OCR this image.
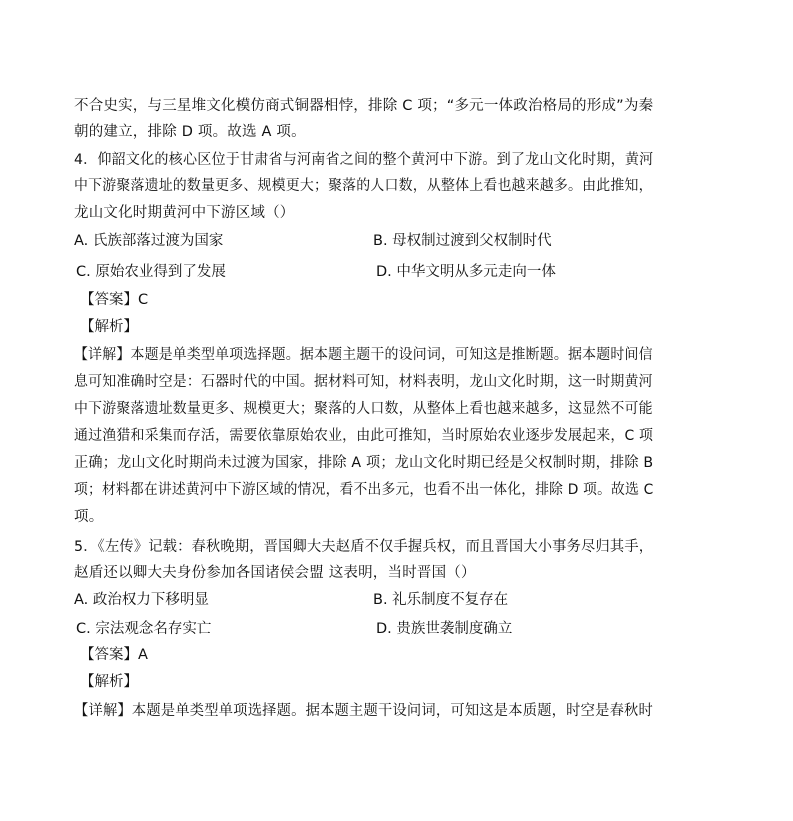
不合史实，与三星堆文化模仿商式铜器相悖，排除 C 项；“多元一体政治格局的形成”为秦
朝的建立，排除 D 项。故选 A 项。
4．仰韶文化的核心区位于甘肃省与河南省之间的整个黄河中下游。到了龙山文化时期，黄河
中下游聚落遗址的数量更多、规模更大；聚落的人口数，从整体上看也越来越多。由此推知，
龙山文化时期黄河中下游区域（）
A. 氏族部落过渡为国家	B. 母权制过渡到父权制时代
C. 原始农业得到了发展	D. 中华文明从多元走向一体
【答案】C
【解析】
【详解】本题是单类型单项选择题。据本题主题干的设问词，可知这是推断题。据本题时间信
息可知准确时空是：石器时代的中国。据材料可知，材料表明，龙山文化时期，这一时期黄河
中下游聚落遗址数量更多、规模更大；聚落的人口数，从整体上看也越来越多，这显然不可能
通过渔猎和采集而存活，需要依靠原始农业，由此可推知，当时原始农业逐步发展起来，C 项
正确；龙山文化时期尚未过渡为国家，排除 A 项；龙山文化时期已经是父权制时期，排除 B
项；材料都在讲述黄河中下游区域的情况，看不出多元，也看不出一体化，排除 D 项。故选 C
项。
5．《左传》记载：春秋晚期，晋国卿大夫赵盾不仅手握兵权，而且晋国大小事务尽归其手，
赵盾还以卿大夫身份参加各国诸侯会盟 这表明，当时晋国（）
A. 政治权力下移明显	B. 礼乐制度不复存在
C. 宗法观念名存实亡	D. 贵族世袭制度确立
【答案】A
【解析】
【详解】本题是单类型单项选择题。据本题主题干设问词，可知这是本质题，时空是春秋时
